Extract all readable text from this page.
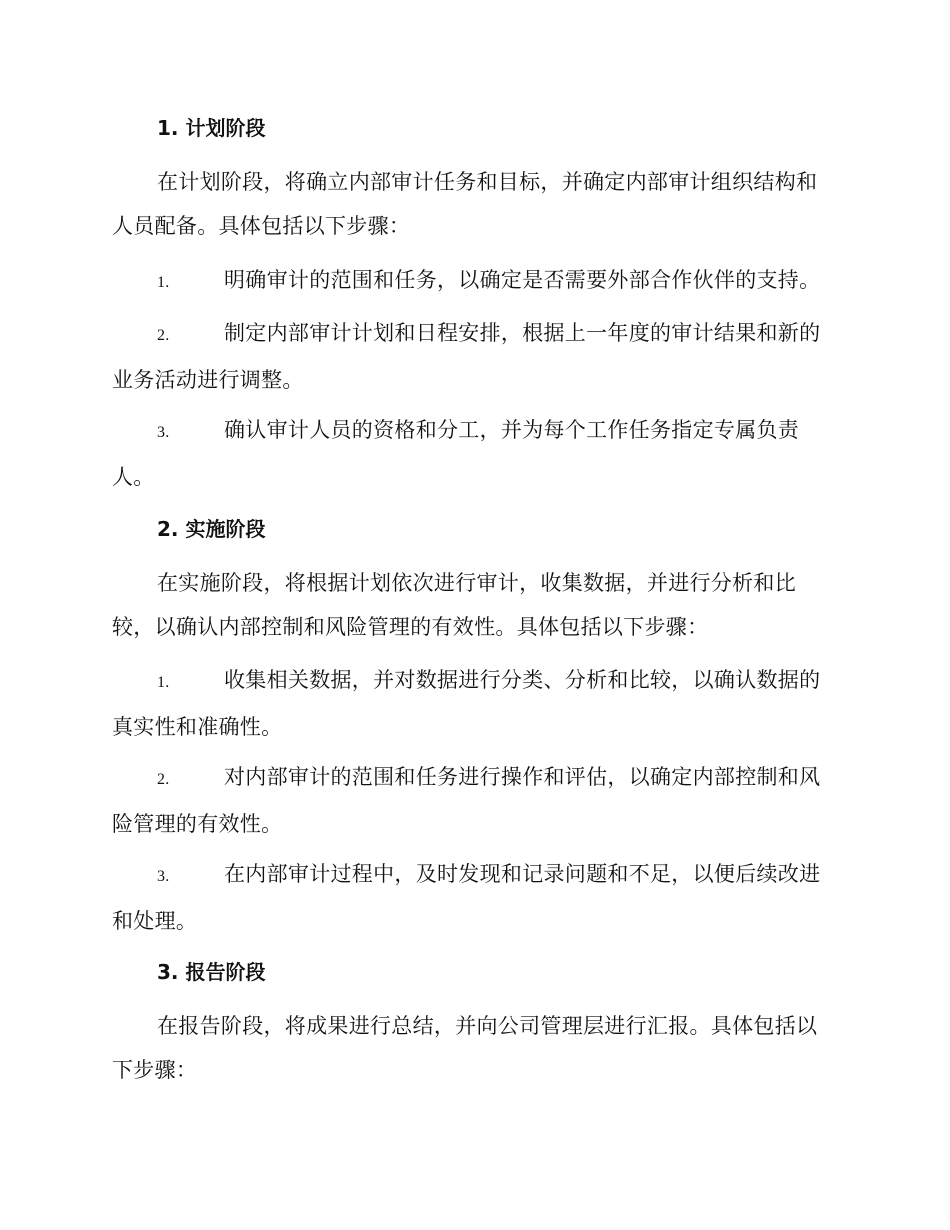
1. 计划阶段
在计划阶段，将确立内部审计任务和目标，并确定内部审计组织结构和人员配备。具体包括以下步骤：
1.	明确审计的范围和任务，以确定是否需要外部合作伙伴的支持。
2.	制定内部审计计划和日程安排，根据上一年度的审计结果和新的业务活动进行调整。
3.	确认审计人员的资格和分工，并为每个工作任务指定专属负责人。
2. 实施阶段
在实施阶段，将根据计划依次进行审计，收集数据，并进行分析和比较，以确认内部控制和风险管理的有效性。具体包括以下步骤：
1.	收集相关数据，并对数据进行分类、分析和比较，以确认数据的真实性和准确性。
2.	对内部审计的范围和任务进行操作和评估，以确定内部控制和风险管理的有效性。
3.	在内部审计过程中，及时发现和记录问题和不足，以便后续改进和处理。
3. 报告阶段
在报告阶段，将成果进行总结，并向公司管理层进行汇报。具体包括以下步骤：
